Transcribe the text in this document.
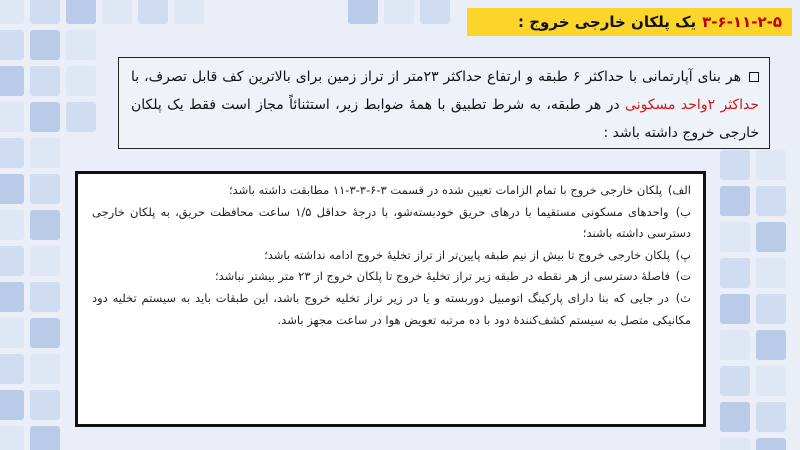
۳-۶-۱۱-۲-۵
یک پلکان خارجی خروج :
هر بنای آپارتمانی با حداکثر ۶ طبقه و ارتفاع حداکثر ۲۳متر از تراز زمین برای بالاترین کف قابل تصرف، با حداکثر ۲واحد مسکونی در هر طبقه، به شرط تطبیق با همهٔ ضوابط زیر، استثنائاً مجاز است فقط یک پلکان خارجی خروج داشته باشد :
الف) پلکان خارجی خروج با تمام الزامات تعیین شده در قسمت ۳-۶-۳-۳-۱۱ مطابقت داشته باشد؛
ب) واحدهای مسکونی مستقیما با درهای حریق خودبسته‌شو، با درجهٔ حداقل ۱/۵ ساعت محافظت حریق، به پلکان خارجی دسترسی داشته باشند؛
پ) پلکان خارجی خروج تا بیش از نیم طبقه پایین‌تر از تراز تخلیهٔ خروج ادامه نداشته باشد؛
ت) فاصلهٔ دسترسی از هر نقطه در طبقه زیر تراز تخلیهٔ خروج تا پلکان خروج از ۲۳ متر بیشتر نباشد؛
ث) در جایی که بنا دارای پارکینگ اتومبیل دوربسته و یا در زیر تراز تخلیه خروج باشد، این طبقات باید به سیستم تخلیه دود مکانیکی متصل به سیستم کشف‌کنندهٔ دود با ده مرتبه تعویض هوا در ساعت مجهز باشد.
